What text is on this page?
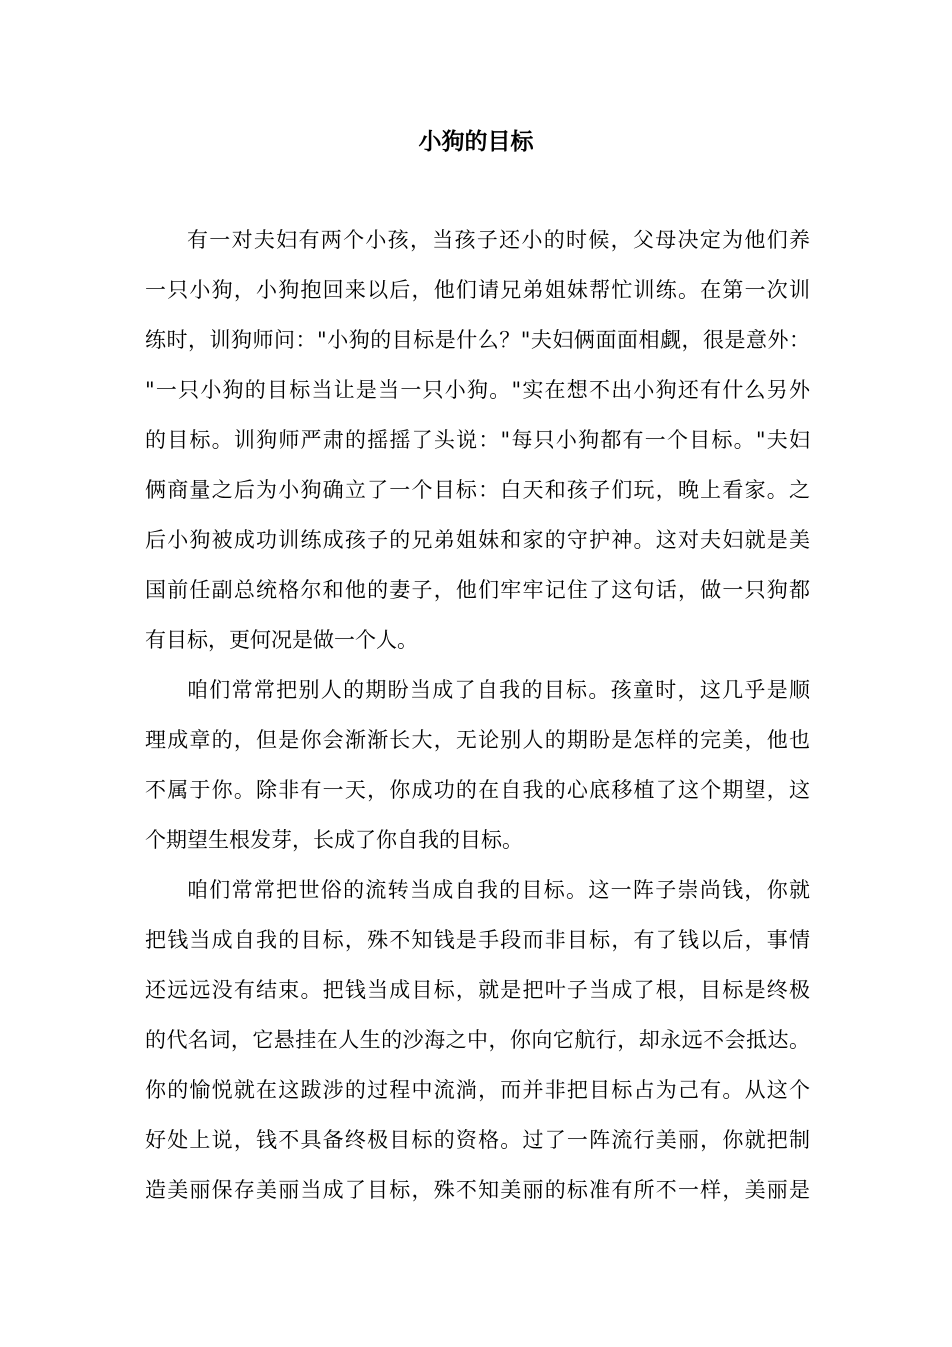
小狗的目标
有一对夫妇有两个小孩，当孩子还小的时候，父母决定为他们养
一只小狗，小狗抱回来以后，他们请兄弟姐妹帮忙训练。在第一次训
练时，训狗师问："小狗的目标是什么？"夫妇俩面面相觑，很是意外：
"一只小狗的目标当让是当一只小狗。"实在想不出小狗还有什么另外
的目标。训狗师严肃的摇摇了头说："每只小狗都有一个目标。"夫妇
俩商量之后为小狗确立了一个目标：白天和孩子们玩，晚上看家。之
后小狗被成功训练成孩子的兄弟姐妹和家的守护神。这对夫妇就是美
国前任副总统格尔和他的妻子，他们牢牢记住了这句话，做一只狗都
有目标，更何况是做一个人。
咱们常常把别人的期盼当成了自我的目标。孩童时，这几乎是顺
理成章的，但是你会渐渐长大，无论别人的期盼是怎样的完美，他也
不属于你。除非有一天，你成功的在自我的心底移植了这个期望，这
个期望生根发芽，长成了你自我的目标。
咱们常常把世俗的流转当成自我的目标。这一阵子崇尚钱，你就
把钱当成自我的目标，殊不知钱是手段而非目标，有了钱以后，事情
还远远没有结束。把钱当成目标，就是把叶子当成了根，目标是终极
的代名词，它悬挂在人生的沙海之中，你向它航行，却永远不会抵达。
你的愉悦就在这跋涉的过程中流淌，而并非把目标占为己有。从这个
好处上说，钱不具备终极目标的资格。过了一阵流行美丽，你就把制
造美丽保存美丽当成了目标，殊不知美丽的标准有所不一样，美丽是
